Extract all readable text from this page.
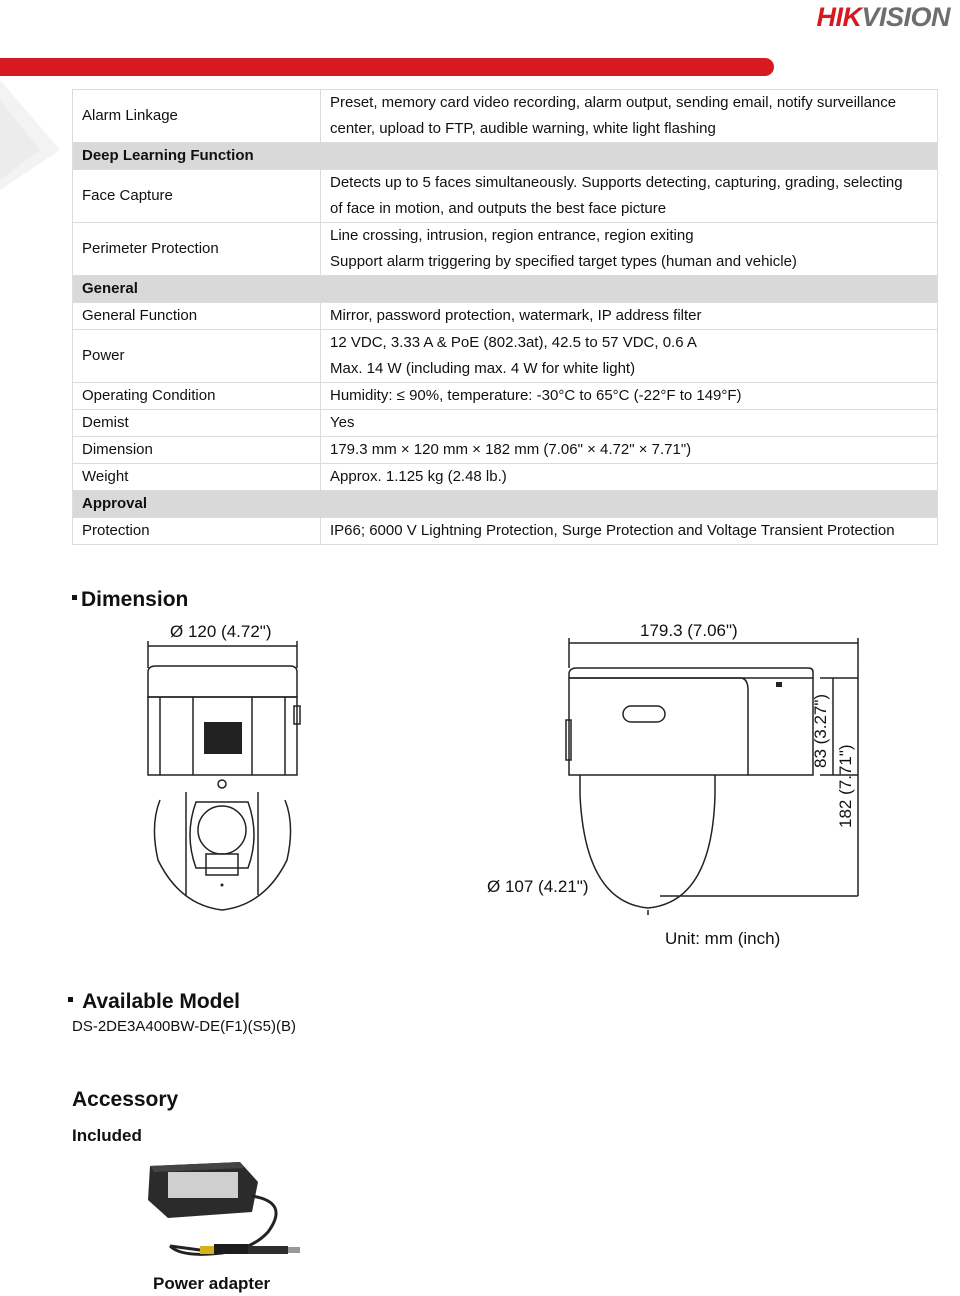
HIKVISION
Alarm Linkage	Preset, memory card video recording, alarm output, sending email, notify surveillance
center, upload to FTP, audible warning, white light flashing

Deep Learning Function	
Face Capture	Detects up to 5 faces simultaneously. Supports detecting, capturing, grading, selecting
of face in motion, and outputs the best face picture

Perimeter Protection	Line crossing, intrusion, region entrance, region exiting
Support alarm triggering by specified target types (human and vehicle)

General	
General Function	Mirror, password protection, watermark, IP address filter

Power	12 VDC, 3.33 A & PoE (802.3at), 42.5 to 57 VDC, 0.6 A
Max. 14 W (including max. 4 W for white light)

Operating Condition	Humidity: ≤ 90%, temperature: -30°C to 65°C (-22°F to 149°F)

Demist	Yes

Dimension	179.3 mm × 120 mm × 182 mm (7.06" × 4.72" × 7.71")

Weight	Approx. 1.125 kg (2.48 lb.)

Approval	
Protection	IP66; 6000 V Lightning Protection, Surge Protection and Voltage Transient Protection
Dimension
Ø 120 (4.72")	179.3 (7.06")
83 (3.27")
182 (7.71")
Ø 107 (4.21")
Unit: mm (inch)
Available Model
DS-2DE3A400BW-DE(F1)(S5)(B)
Accessory
Included
Power adapter
